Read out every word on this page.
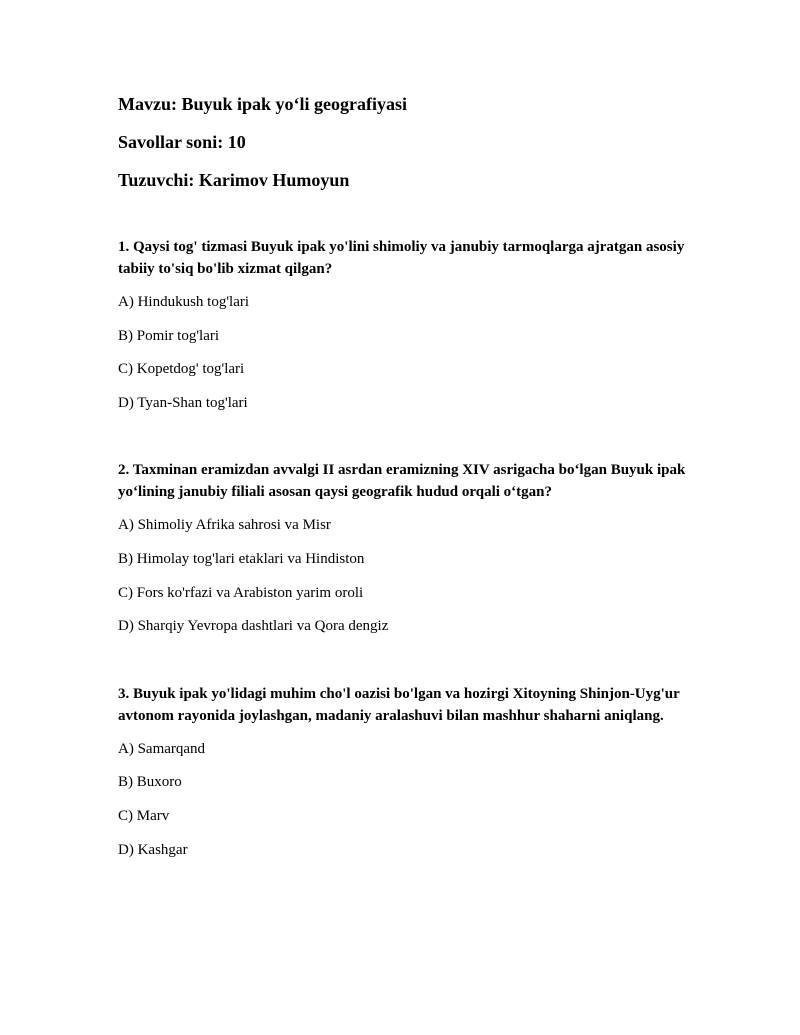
Mavzu: Buyuk ipak yo‘li geografiyasi
Savollar soni: 10
Tuzuvchi: Karimov Humoyun
1. Qaysi tog' tizmasi Buyuk ipak yo'lini shimoliy va janubiy tarmoqlarga ajratgan asosiy tabiiy to'siq bo'lib xizmat qilgan?
A) Hindukush tog'lari
B) Pomir tog'lari
C) Kopetdog' tog'lari
D) Tyan-Shan tog'lari
2. Taxminan eramizdan avvalgi II asrdan eramizning XIV asrigacha bo‘lgan Buyuk ipak yo‘lining janubiy filiali asosan qaysi geografik hudud orqali o‘tgan?
A) Shimoliy Afrika sahrosi va Misr
B) Himolay tog'lari etaklari va Hindiston
C) Fors ko'rfazi va Arabiston yarim oroli
D) Sharqiy Yevropa dashtlari va Qora dengiz
3. Buyuk ipak yo'lidagi muhim cho'l oazisi bo'lgan va hozirgi Xitoyning Shinjon-Uyg'ur avtonom rayonida joylashgan, madaniy aralashuvi bilan mashhur shaharni aniqlang.
A) Samarqand
B) Buxoro
C) Marv
D) Kashgar
